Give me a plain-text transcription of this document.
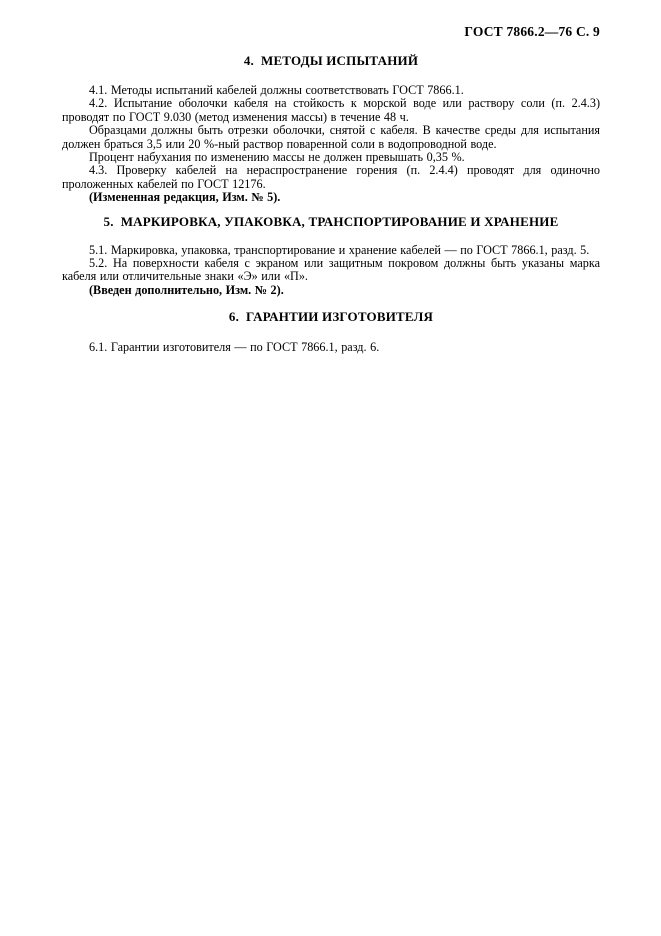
ГОСТ 7866.2—76 С. 9

4. МЕТОДЫ ИСПЫТАНИЙ

4.1. Методы испытаний кабелей должны соответствовать ГОСТ 7866.1.

4.2. Испытание оболочки кабеля на стойкость к морской воде или раствору соли (п. 2.4.3) проводят по ГОСТ 9.030 (метод изменения массы) в течение 48 ч.

Образцами должны быть отрезки оболочки, снятой с кабеля. В качестве среды для испытания должен браться 3,5 или 20 %-ный раствор поваренной соли в водопроводной воде.

Процент набухания по изменению массы не должен превышать 0,35 %.

4.3. Проверку кабелей на нераспространение горения (п. 2.4.4) проводят для одиночно проложенных кабелей по ГОСТ 12176.

(Измененная редакция, Изм. № 5).

5. МАРКИРОВКА, УПАКОВКА, ТРАНСПОРТИРОВАНИЕ И ХРАНЕНИЕ

5.1. Маркировка, упаковка, транспортирование и хранение кабелей — по ГОСТ 7866.1, разд. 5.

5.2. На поверхности кабеля с экраном или защитным покровом должны быть указаны марка кабеля или отличительные знаки «Э» или «П».

(Введен дополнительно, Изм. № 2).

6. ГАРАНТИИ ИЗГОТОВИТЕЛЯ

6.1. Гарантии изготовителя — по ГОСТ 7866.1, разд. 6.
